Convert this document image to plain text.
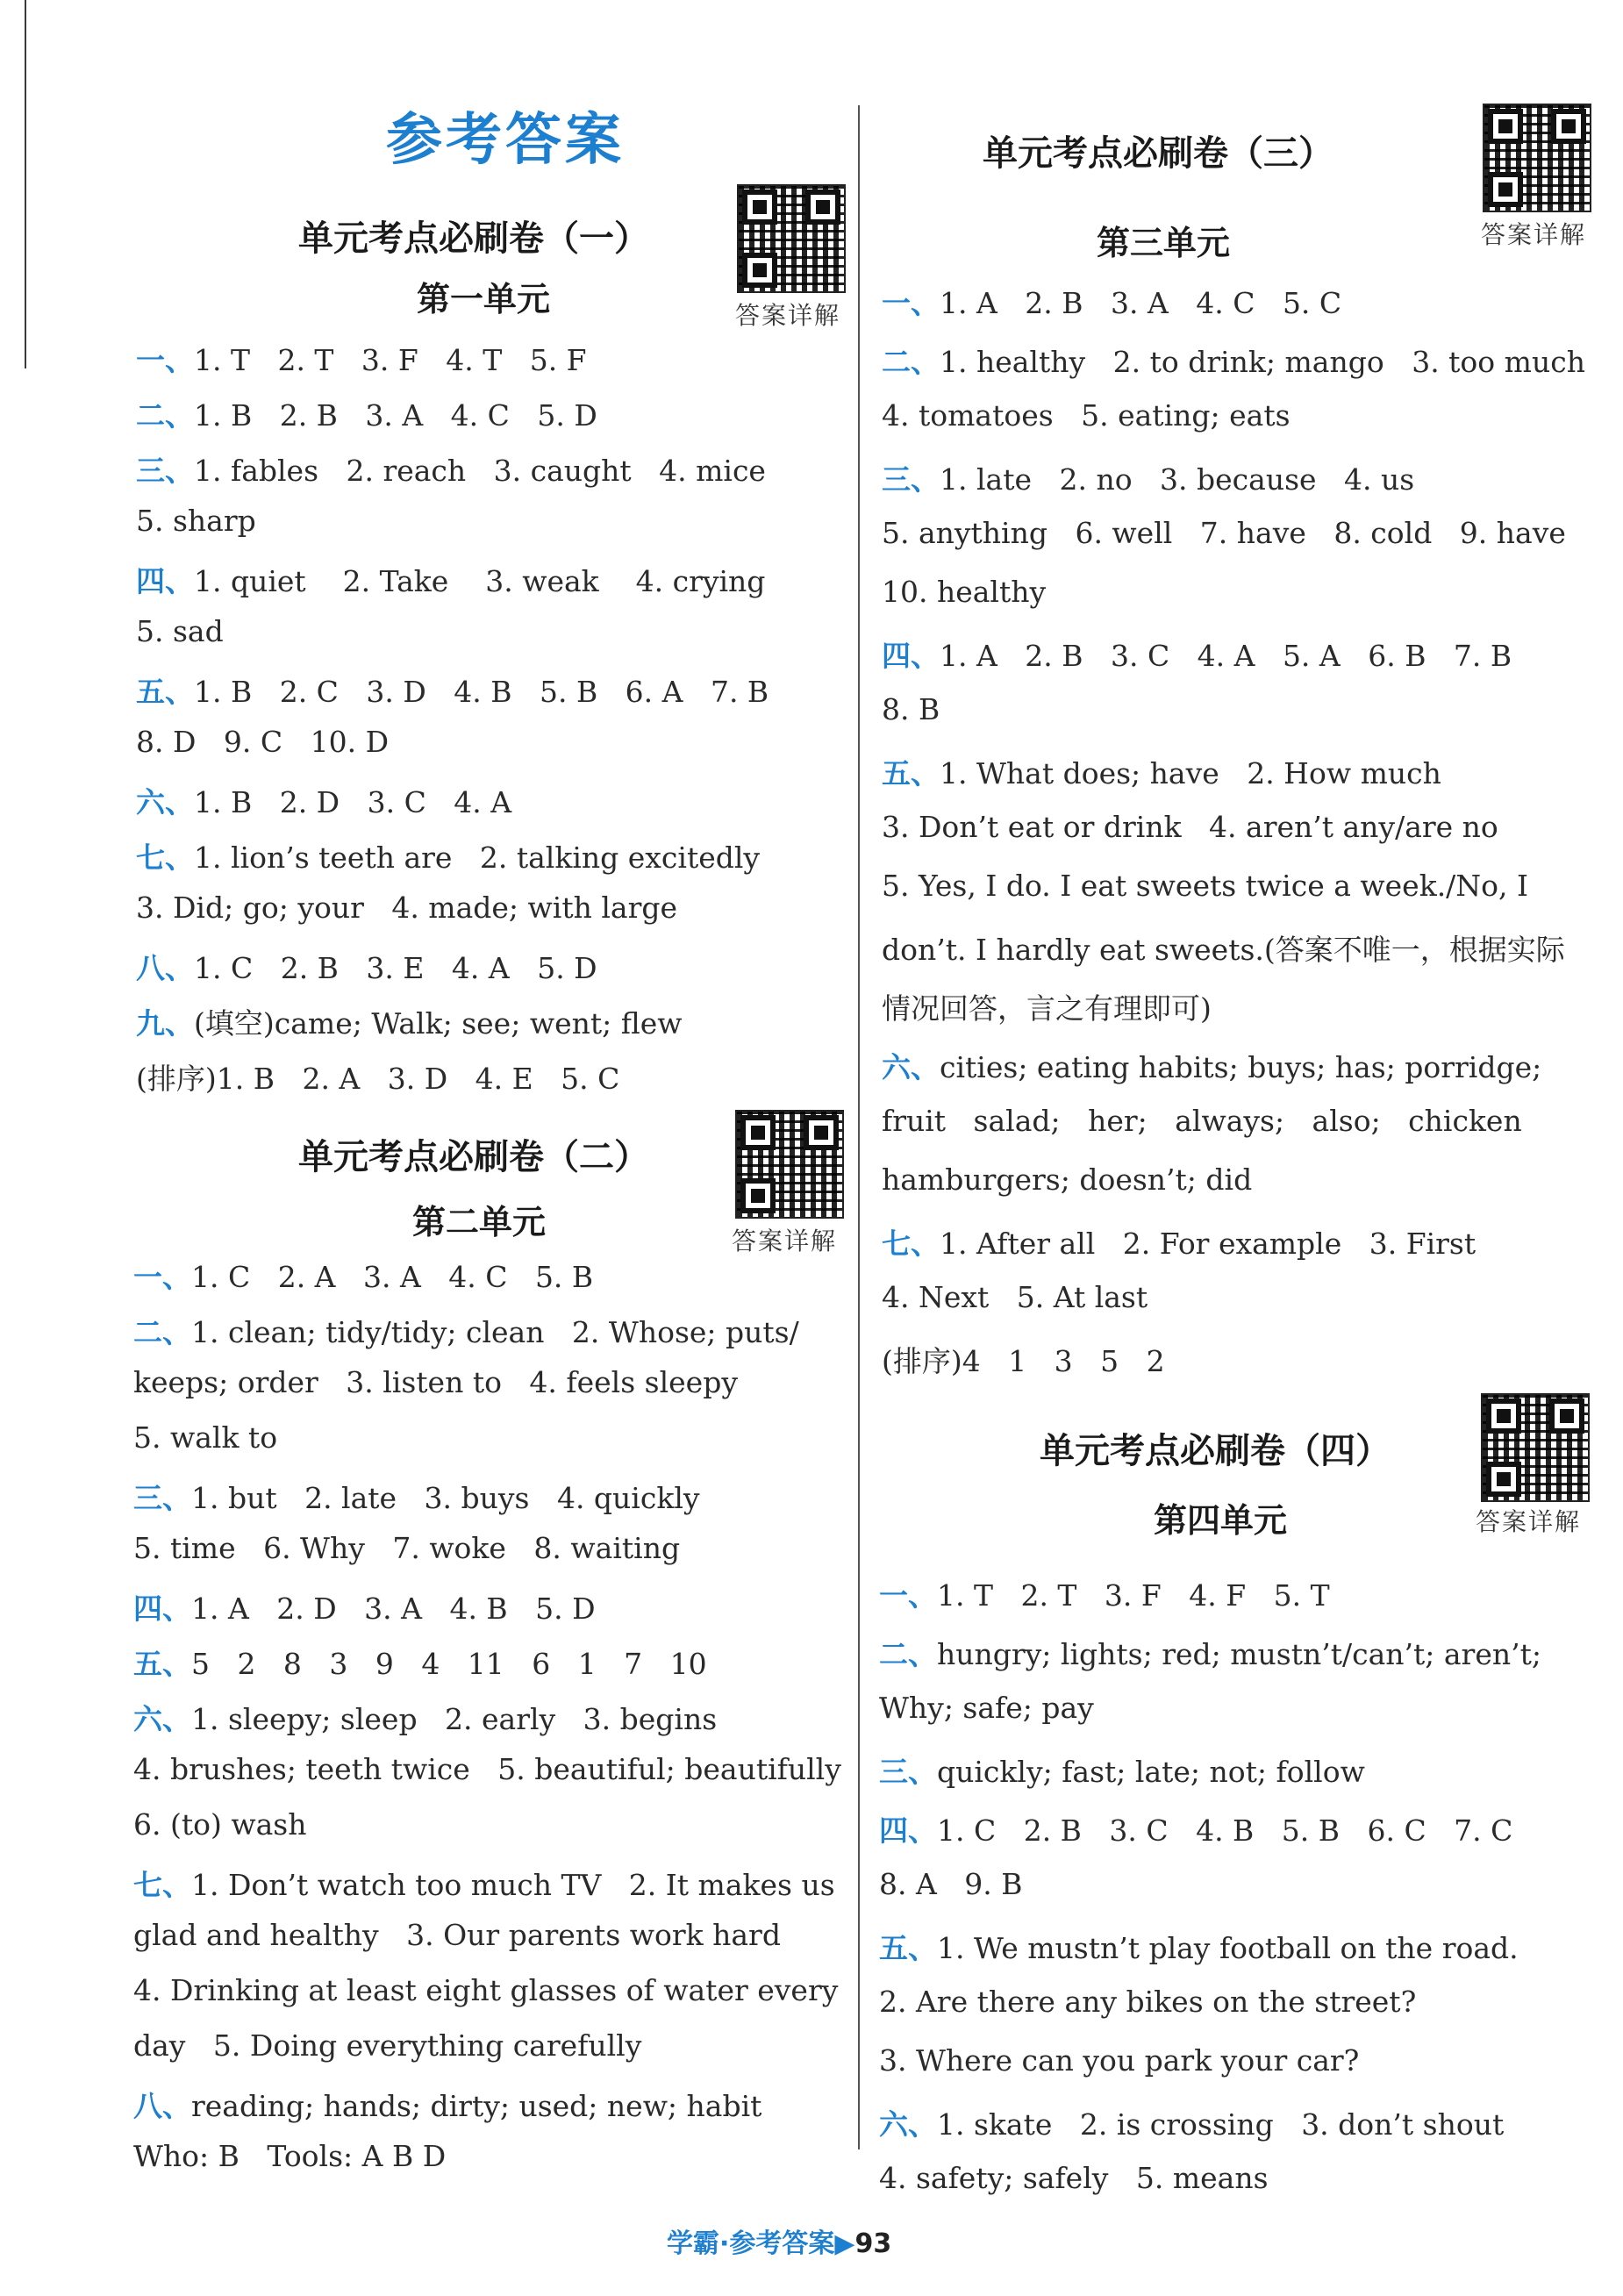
参考答案
单元考点必刷卷（一）
第一单元	答案详解
一、1. T   2. T   3. F   4. T   5. F
二、1. B   2. B   3. A   4. C   5. D
三、1. fables   2. reach   3. caught   4. mice
5. sharp
四、1. quiet    2. Take    3. weak    4. crying
5. sad
五、1. B   2. C   3. D   4. B   5. B   6. A   7. B
8. D   9. C   10. D
六、1. B   2. D   3. C   4. A
七、1. lion’s teeth are   2. talking excitedly
3. Did; go; your   4. made; with large
八、1. C   2. B   3. E   4. A   5. D
九、(填空)came; Walk; see; went; flew
(排序)1. B   2. A   3. D   4. E   5. C
单元考点必刷卷（二）
第二单元	答案详解
一、1. C   2. A   3. A   4. C   5. B
二、1. clean; tidy/tidy; clean   2. Whose; puts/
keeps; order   3. listen to   4. feels sleepy
5. walk to
三、1. but   2. late   3. buys   4. quickly
5. time   6. Why   7. woke   8. waiting
四、1. A   2. D   3. A   4. B   5. D
五、5   2   8   3   9   4   11   6   1   7   10
六、1. sleepy; sleep   2. early   3. begins
4. brushes; teeth twice   5. beautiful; beautifully
6. (to) wash
七、1. Don’t watch too much TV   2. It makes us
glad and healthy   3. Our parents work hard
4. Drinking at least eight glasses of water every
day   5. Doing everything carefully
八、reading; hands; dirty; used; new; habit
Who: B   Tools: A B D
单元考点必刷卷（三）
第三单元	答案详解
一、1. A   2. B   3. A   4. C   5. C
二、1. healthy   2. to drink; mango   3. too much
4. tomatoes   5. eating; eats
三、1. late   2. no   3. because   4. us
5. anything   6. well   7. have   8. cold   9. have
10. healthy
四、1. A   2. B   3. C   4. A   5. A   6. B   7. B
8. B
五、1. What does; have   2. How much
3. Don’t eat or drink   4. aren’t any/are no
5. Yes, I do. I eat sweets twice a week./No, I
don’t. I hardly eat sweets.(答案不唯一，根据实际
情况回答，言之有理即可)
六、cities; eating habits; buys; has; porridge;
fruit   salad;   her;   always;   also;   chicken
hamburgers; doesn’t; did
七、1. After all   2. For example   3. First
4. Next   5. At last
(排序)4   1   3   5   2
单元考点必刷卷（四）
第四单元	答案详解
一、1. T   2. T   3. F   4. F   5. T
二、hungry; lights; red; mustn’t/can’t; aren’t;
Why; safe; pay
三、quickly; fast; late; not; follow
四、1. C   2. B   3. C   4. B   5. B   6. C   7. C
8. A   9. B
五、1. We mustn’t play football on the road.
2. Are there any bikes on the street?
3. Where can you park your car?
六、1. skate   2. is crossing   3. don’t shout
4. safety; safely   5. means
学霸·参考答案▶93
